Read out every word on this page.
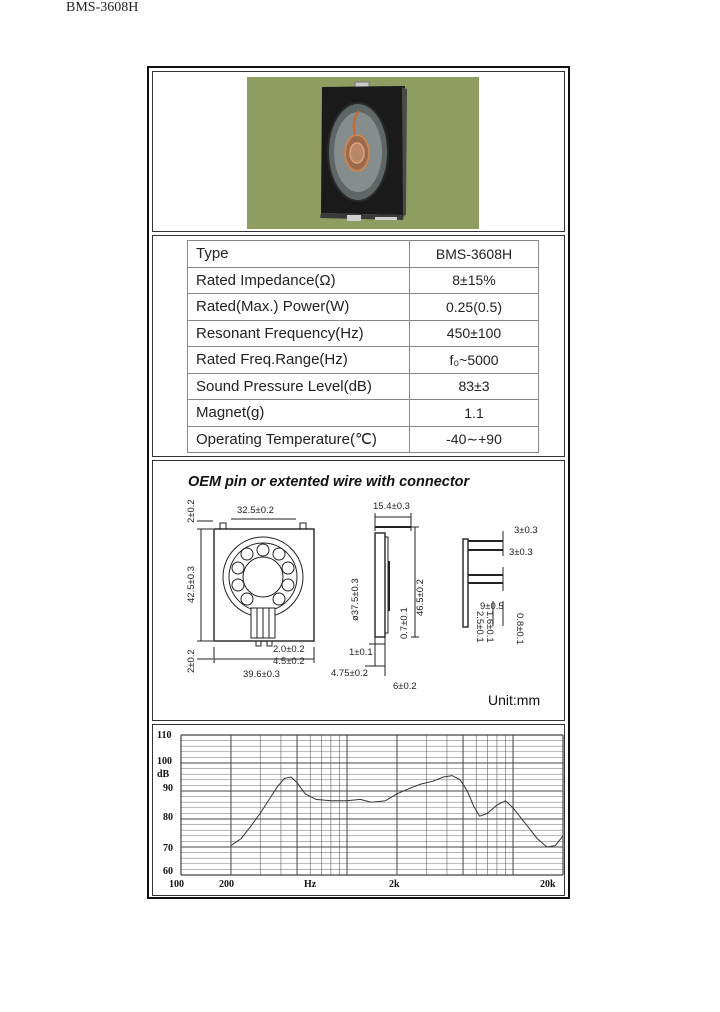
BMS-3608H
Type	BMS-3608H
Rated Impedance(Ω)	8±15%
Rated(Max.) Power(W)	0.25(0.5)
Resonant Frequency(Hz)	450±100
Rated Freq.Range(Hz)	f₀~5000
Sound Pressure Level(dB)	83±3
Magnet(g)	1.1
Operating Temperature(℃)	-40∼+90
OEM pin or extented wire with connector
32.5±0.2
2±0.2
42.5±0.3
2±0.2	2.0±0.2
4.5±0.2
39.6±0.3
15.4±0.3
ø37.5±0.3	46.5±0.2
0.7±0.1
1±0.1
4.75±0.2
6±0.2
3±0.3
3±0.3
9±0.5
1.6±0.1
2.5±0.1	0.8±0.1
Unit:mm
110
100
dB
90
80
70
60
100	200	Hz	2k	20k
